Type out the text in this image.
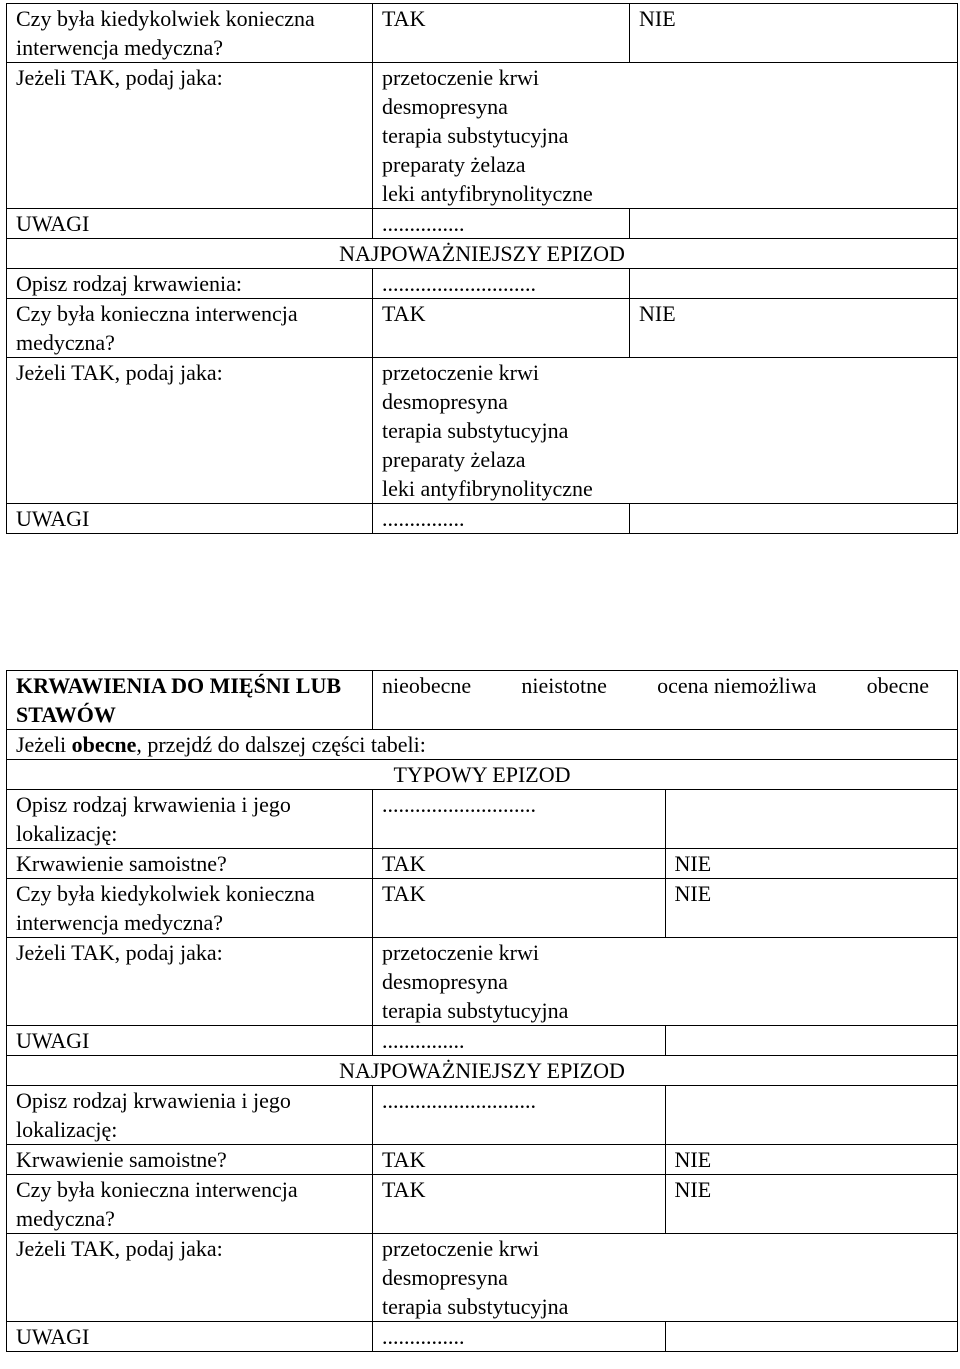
Czy była kiedykolwiek konieczna interwencja medyczna?	TAK	NIE
Jeżeli TAK, podaj jaka:	przetoczenie krwi
desmopresyna
terapia substytucyjna
preparaty żelaza
leki antyfibrynolityczne	

UWAGI	...............	
NAJPOWAŻNIEJSZY EPIZOD		
Opisz rodzaj krwawienia:	............................	
Czy była konieczna interwencja medyczna?	TAK	NIE
Jeżeli TAK, podaj jaka:	przetoczenie krwi
desmopresyna
terapia substytucyjna
preparaty żelaza
leki antyfibrynolityczne	

UWAGI	...............	
KRWAWIENIA DO MIĘŚNI LUB STAWÓW	nieobecne nieistotne ocena niemożliwa obecne	

Jeżeli obecne, przejdź do dalszej części tabeli:		
TYPOWY EPIZOD		
Opisz rodzaj krwawienia i jego lokalizację:	............................	
Krwawienie samoistne?	TAK	NIE
Czy była kiedykolwiek konieczna interwencja medyczna?	TAK	NIE
Jeżeli TAK, podaj jaka:	przetoczenie krwi
desmopresyna
terapia substytucyjna	

UWAGI	...............	
NAJPOWAŻNIEJSZY EPIZOD		
Opisz rodzaj krwawienia i jego lokalizację:	............................	
Krwawienie samoistne?	TAK	NIE
Czy była konieczna interwencja medyczna?	TAK	NIE
Jeżeli TAK, podaj jaka:	przetoczenie krwi
desmopresyna
terapia substytucyjna	

UWAGI	...............	
